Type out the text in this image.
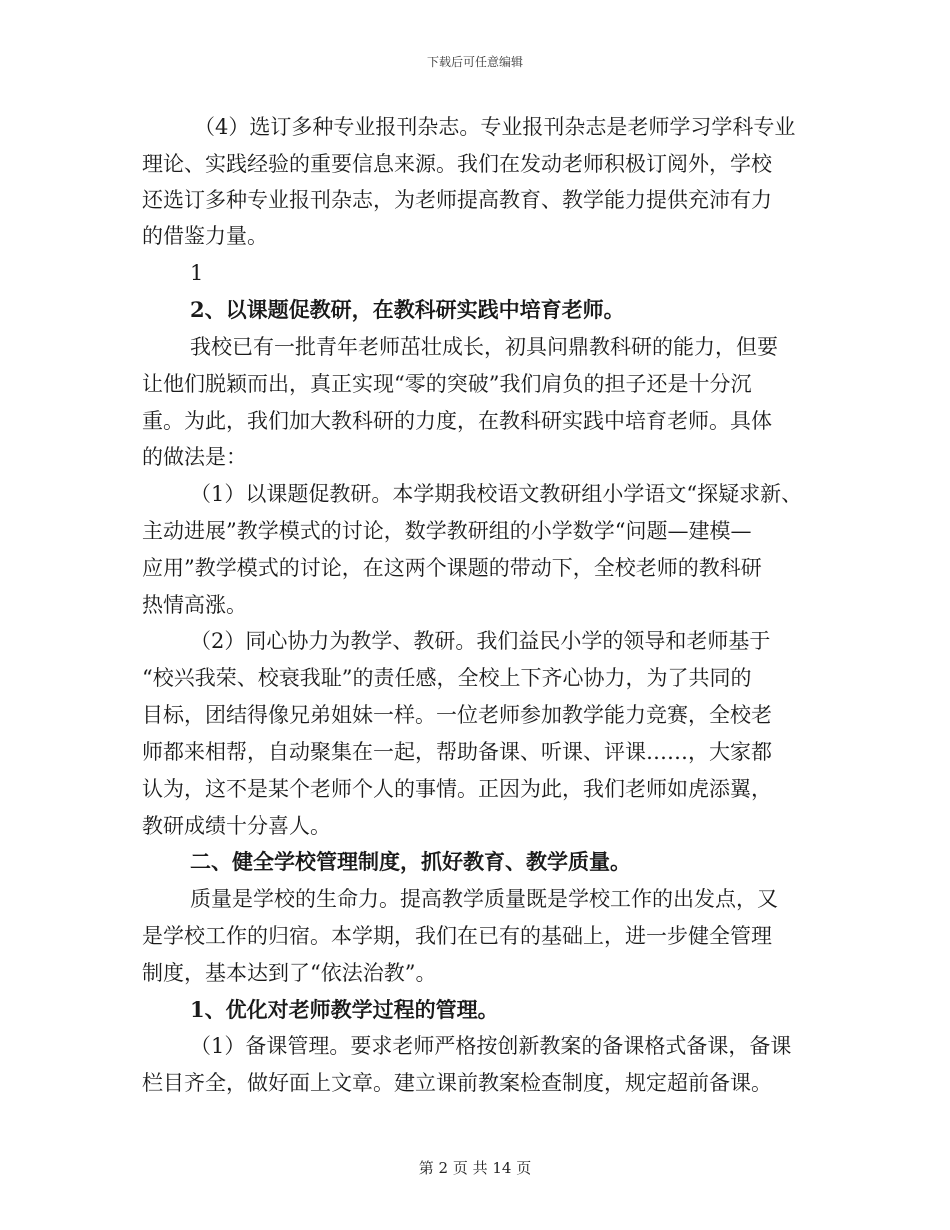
下载后可任意编辑
（4）选订多种专业报刊杂志。专业报刊杂志是老师学习学科专业
理论、实践经验的重要信息来源。我们在发动老师积极订阅外，学校
还选订多种专业报刊杂志，为老师提高教育、教学能力提供充沛有力
的借鉴力量。
1
2、以课题促教研，在教科研实践中培育老师。
我校已有一批青年老师茁壮成长，初具问鼎教科研的能力，但要
让他们脱颖而出，真正实现“零的突破”我们肩负的担子还是十分沉
重。为此，我们加大教科研的力度，在教科研实践中培育老师。具体
的做法是：
（1）以课题促教研。本学期我校语文教研组小学语文“探疑求新、
主动进展”教学模式的讨论，数学教研组的小学数学“问题—建模—
应用”教学模式的讨论，在这两个课题的带动下，全校老师的教科研
热情高涨。
（2）同心协力为教学、教研。我们益民小学的领导和老师基于
“校兴我荣、校衰我耻”的责任感，全校上下齐心协力，为了共同的
目标，团结得像兄弟姐妹一样。一位老师参加教学能力竞赛，全校老
师都来相帮，自动聚集在一起，帮助备课、听课、评课……，大家都
认为，这不是某个老师个人的事情。正因为此，我们老师如虎添翼，
教研成绩十分喜人。
二、健全学校管理制度，抓好教育、教学质量。
质量是学校的生命力。提高教学质量既是学校工作的出发点，又
是学校工作的归宿。本学期，我们在已有的基础上，进一步健全管理
制度，基本达到了“依法治教”。
1、优化对老师教学过程的管理。
（1）备课管理。要求老师严格按创新教案的备课格式备课，备课
栏目齐全，做好面上文章。建立课前教案检查制度，规定超前备课。
第 2 页 共 14 页
